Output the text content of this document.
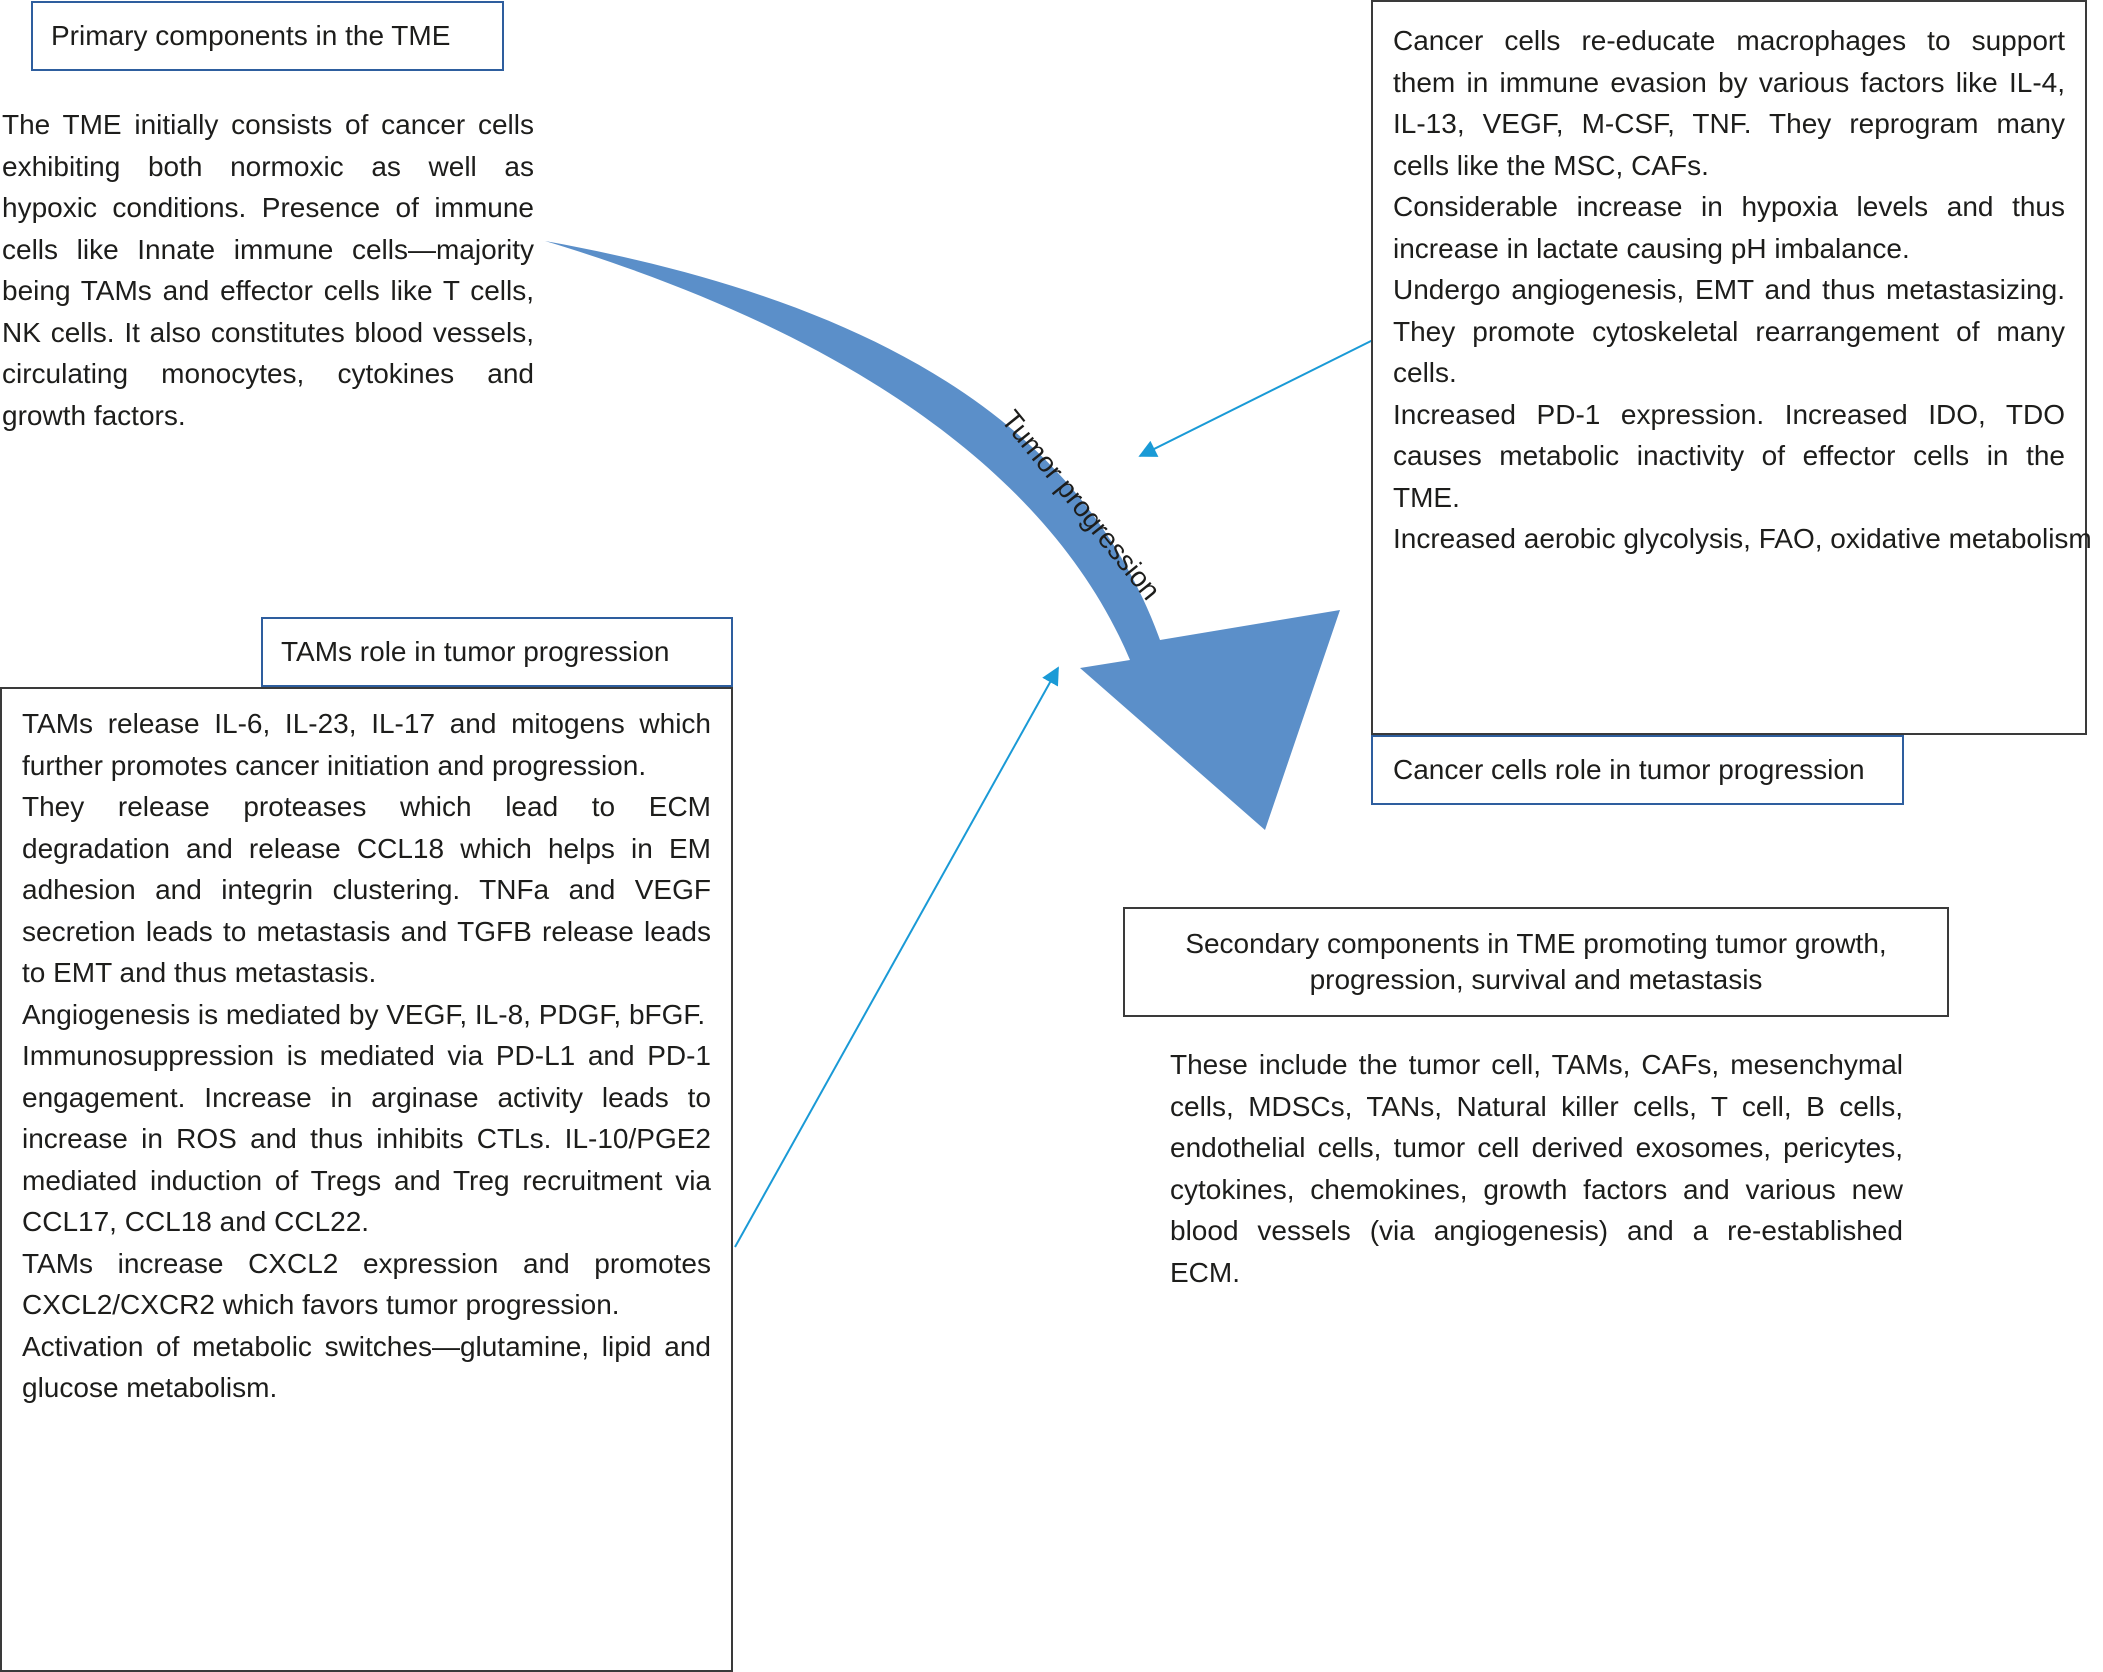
Tumor progression
Primary components in the TME

The TME initially consists of cancer cells exhibiting both normoxic as well as hypoxic conditions. Presence of immune cells like Innate immune cells—majority being TAMs and effector cells like T cells, NK cells. It also constitutes blood vessels, circulating monocytes, cytokines and growth factors.

Cancer cells re-educate macrophages to support them in immune evasion by various factors like IL-4, IL-13, VEGF, M-CSF, TNF. They reprogram many cells like the MSC, CAFs.

Considerable increase in hypoxia levels and thus increase in lactate causing pH imbalance.

Undergo angiogenesis, EMT and thus metastasizing. They promote cytoskeletal rearrangement of many cells.

Increased PD-1 expression. Increased IDO, TDO causes metabolic inactivity of effector cells in the TME.

Increased aerobic glycolysis, FAO, oxidative metabolism

Cancer cells role in tumor progression
TAMs role in tumor progression

TAMs release IL-6, IL-23, IL-17 and mitogens which further promotes cancer initiation and progression.

They release proteases which lead to ECM degradation and release CCL18 which helps in EM adhesion and integrin clustering. TNFa and VEGF secretion leads to metastasis and TGFB release leads to EMT and thus metastasis.

Angiogenesis is mediated by VEGF, IL-8, PDGF, bFGF.

Immunosuppression is mediated via PD-L1 and PD-1 engagement. Increase in arginase activity leads to increase in ROS and thus inhibits CTLs. IL-10/PGE2 mediated induction of Tregs and Treg recruitment via CCL17, CCL18 and CCL22.

TAMs increase CXCL2 expression and promotes CXCL2/CXCR2 which favors tumor progression.

Activation of metabolic switches—glutamine, lipid and glucose metabolism.

Secondary components in TME promoting tumor growth, progression, survival and metastasis

These include the tumor cell, TAMs, CAFs, mesenchymal cells, MDSCs, TANs, Natural killer cells, T cell, B cells, endothelial cells, tumor cell derived exosomes, pericytes, cytokines, chemokines, growth factors and various new blood vessels (via angiogenesis) and a re-established ECM.
